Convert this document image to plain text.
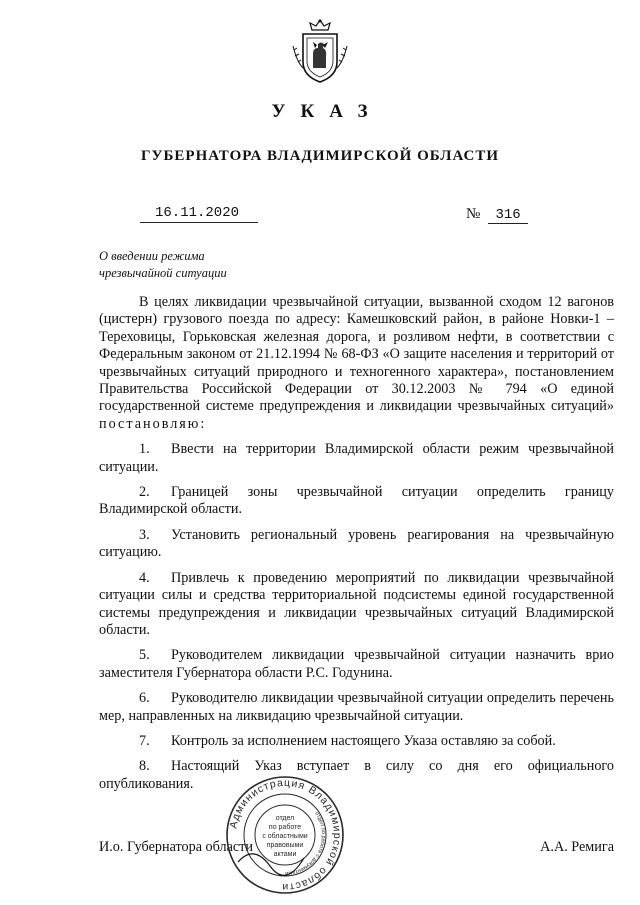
УКАЗ
ГУБЕРНАТОРА ВЛАДИМИРСКОЙ ОБЛАСТИ
16.11.2020	№ 316
О введении режима
чрезвычайной ситуации

В целях ликвидации чрезвычайной ситуации, вызванной сходом 12 вагонов (цистерн) грузового поезда по адресу: Камешковский район, в районе Новки-1 – Тереховицы, Горьковская железная дорога, и розливом нефти, в соответствии с Федеральным законом от 21.12.1994 № 68-ФЗ «О защите населения и территорий от чрезвычайных ситуаций природного и техногенного характера», постановлением Правительства Российской Федерации от 30.12.2003 № 794 «О единой государственной системе предупреждения и ликвидации чрезвычайных ситуаций» постановляю:

1. Ввести на территории Владимирской области режим чрезвычайной ситуации.

2. Границей зоны чрезвычайной ситуации определить границу Владимирской области.

3. Установить региональный уровень реагирования на чрезвычайную ситуацию.

4. Привлечь к проведению мероприятий по ликвидации чрезвычайной ситуации силы и средства территориальной подсистемы единой государственной системы предупреждения и ликвидации чрезвычайных ситуаций Владимирской области.

5. Руководителем ликвидации чрезвычайной ситуации назначить врио заместителя Губернатора области Р.С. Годунина.

6. Руководителю ликвидации чрезвычайной ситуации определить перечень мер, направленных на ликвидацию чрезвычайной ситуации.

7. Контроль за исполнением настоящего Указа оставляю за собой.

8. Настоящий Указ вступает в силу со дня его официального опубликования.

И.о. Губернатора области	А.А. Ремига
Администрация Владимирской области
отдел по работе с документами
отдел
по работе
с областными
правовыми
актами
